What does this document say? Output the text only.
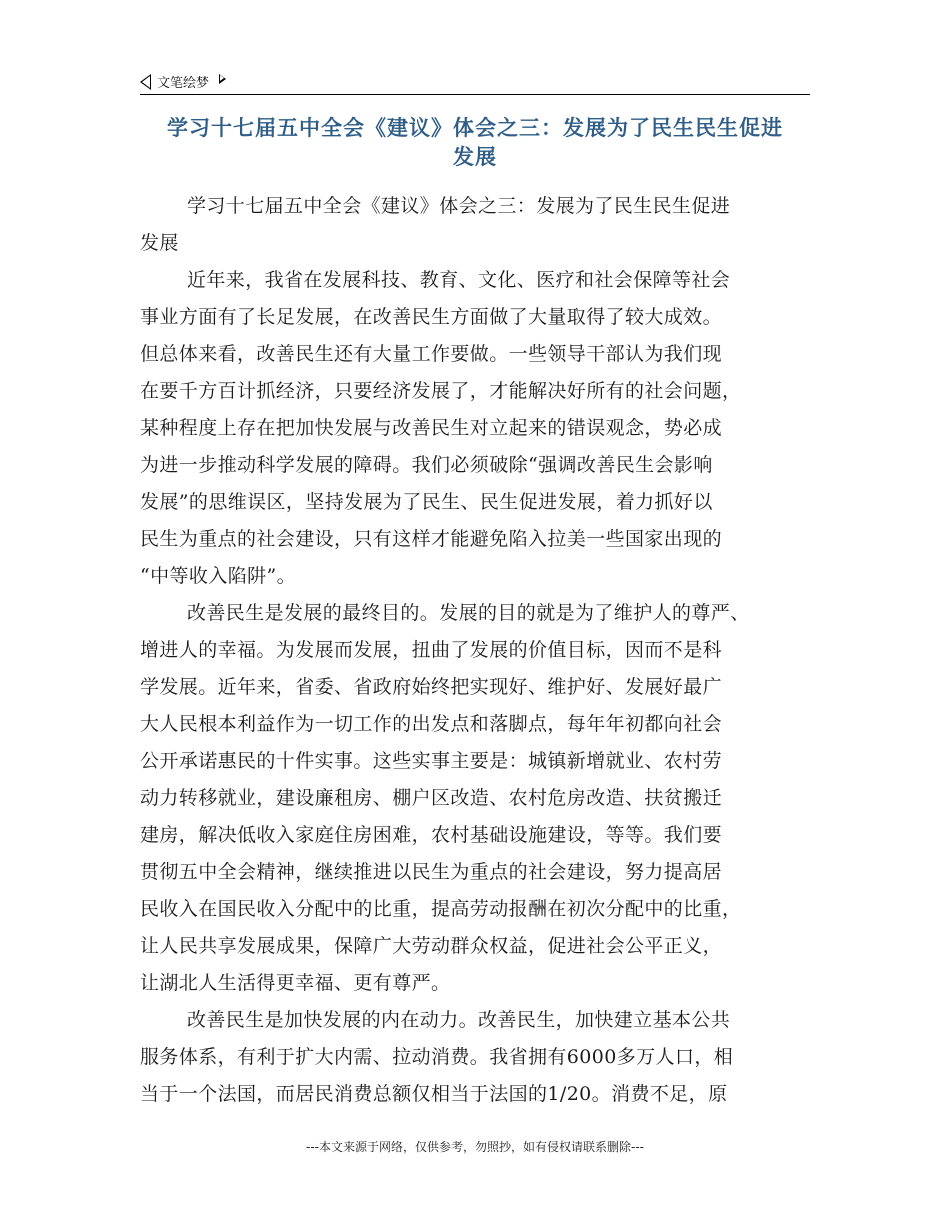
文笔绘梦
学习十七届五中全会《建议》体会之三：发展为了民生民生促进
发展
学习十七届五中全会《建议》体会之三：发展为了民生民生促进
发展
近年来，我省在发展科技、教育、文化、医疗和社会保障等社会
事业方面有了长足发展，在改善民生方面做了大量取得了较大成效。
但总体来看，改善民生还有大量工作要做。一些领导干部认为我们现
在要千方百计抓经济，只要经济发展了，才能解决好所有的社会问题，
某种程度上存在把加快发展与改善民生对立起来的错误观念，势必成
为进一步推动科学发展的障碍。我们必须破除“强调改善民生会影响
发展”的思维误区，坚持发展为了民生、民生促进发展，着力抓好以
民生为重点的社会建设，只有这样才能避免陷入拉美一些国家出现的
“中等收入陷阱”。
改善民生是发展的最终目的。发展的目的就是为了维护人的尊严、
增进人的幸福。为发展而发展，扭曲了发展的价值目标，因而不是科
学发展。近年来，省委、省政府始终把实现好、维护好、发展好最广
大人民根本利益作为一切工作的出发点和落脚点，每年年初都向社会
公开承诺惠民的十件实事。这些实事主要是：城镇新增就业、农村劳
动力转移就业，建设廉租房、棚户区改造、农村危房改造、扶贫搬迁
建房，解决低收入家庭住房困难，农村基础设施建设，等等。我们要
贯彻五中全会精神，继续推进以民生为重点的社会建设，努力提高居
民收入在国民收入分配中的比重，提高劳动报酬在初次分配中的比重，
让人民共享发展成果，保障广大劳动群众权益，促进社会公平正义，
让湖北人生活得更幸福、更有尊严。
改善民生是加快发展的内在动力。改善民生，加快建立基本公共
服务体系，有利于扩大内需、拉动消费。我省拥有6000多万人口，相
当于一个法国，而居民消费总额仅相当于法国的1/20。消费不足，原
---本文来源于网络，仅供参考，勿照抄，如有侵权请联系删除---
